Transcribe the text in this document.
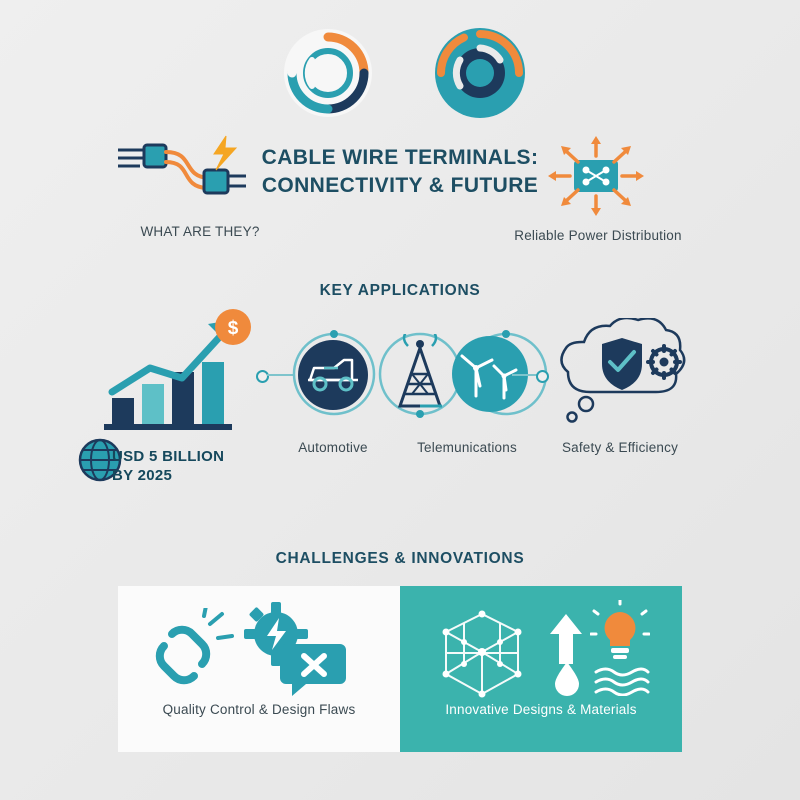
CABLE WIRE TERMINALS:
CONNECTIVITY & FUTURE
WHAT ARE THEY?	Reliable Power Distribution
KEY APPLICATIONS
$
USD 5 BILLION
BY 2025
Automotive	Telemunications	Safety & Efficiency
CHALLENGES & INNOVATIONS
Quality Control & Design Flaws	Innovative Designs & Materials
